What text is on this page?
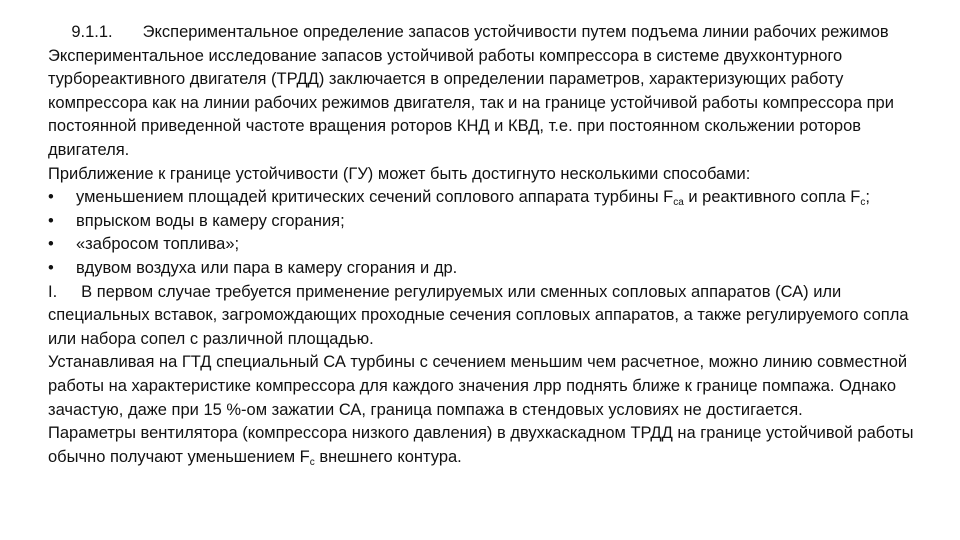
9.1.1. Экспериментальное определение запасов устойчивости путем подъема линии рабочих режимов

Экспериментальное исследование запасов устойчивой работы компрессора в системе двухконтурного турбореактивного двигателя (ТРДД) заключается в определении параметров, характеризующих работу компрессора как на линии рабочих режимов двигателя, так и на границе устойчивой работы компрессора при постоянной приведенной частоте вращения роторов КНД и КВД, т.е. при постоянном скольжении роторов двигателя.

Приближение к границе устойчивости (ГУ) может быть достигнуто несколькими способами:

• уменьшением площадей критических сечений соплового аппарата турбины $F_{са}$ и реактивного сопла $F_с$;
• впрыском воды в камеру сгорания;
• «забросом топлива»;
• вдувом воздуха или пара в камеру сгорания и др.

I. В первом случае требуется применение регулируемых или сменных сопловых аппаратов (СА) или специальных вставок, загромождающих проходные сечения сопловых аппаратов, а также регулируемого сопла или набора сопел с различной площадью.

Устанавливая на ГТД специальный СА турбины с сечением меньшим чем расчетное, можно линию совместной работы на характеристике компрессора для каждого значения лрр поднять ближе к границе помпажа. Однако зачастую, даже при 15 %-ом зажатии СА, граница помпажа в стендовых условиях не достигается.

Параметры вентилятора (компрессора низкого давления) в двухкаскадном ТРДД на границе устойчивой работы обычно получают уменьшением $F_с$ внешнего контура.
